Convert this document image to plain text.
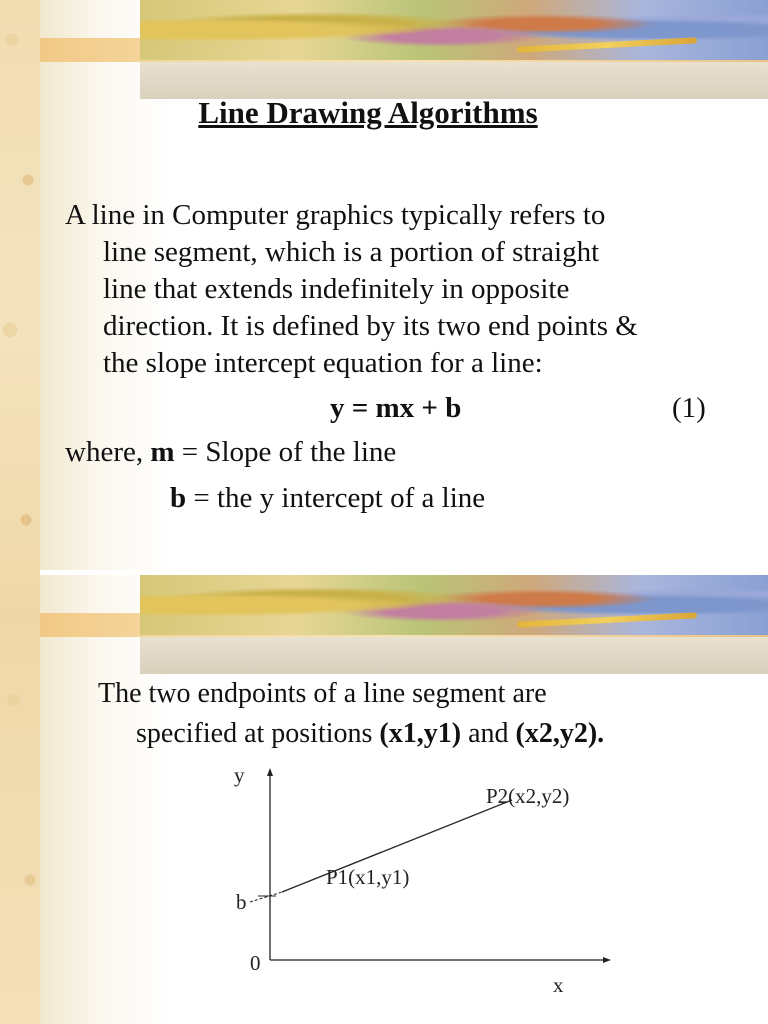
Line Drawing Algorithms
A line in Computer graphics typically refers to
line segment, which is a portion of straight
line that extends indefinitely in opposite
direction. It is defined by its two end points &
the slope intercept equation for a line:
y = mx + b	(1)
where, m = Slope of the line
b = the y intercept of a line
The two endpoints of a line segment are
specified at positions (x1,y1) and (x2,y2).
y
x
0
b
P1(x1,y1)
P2(x2,y2)
